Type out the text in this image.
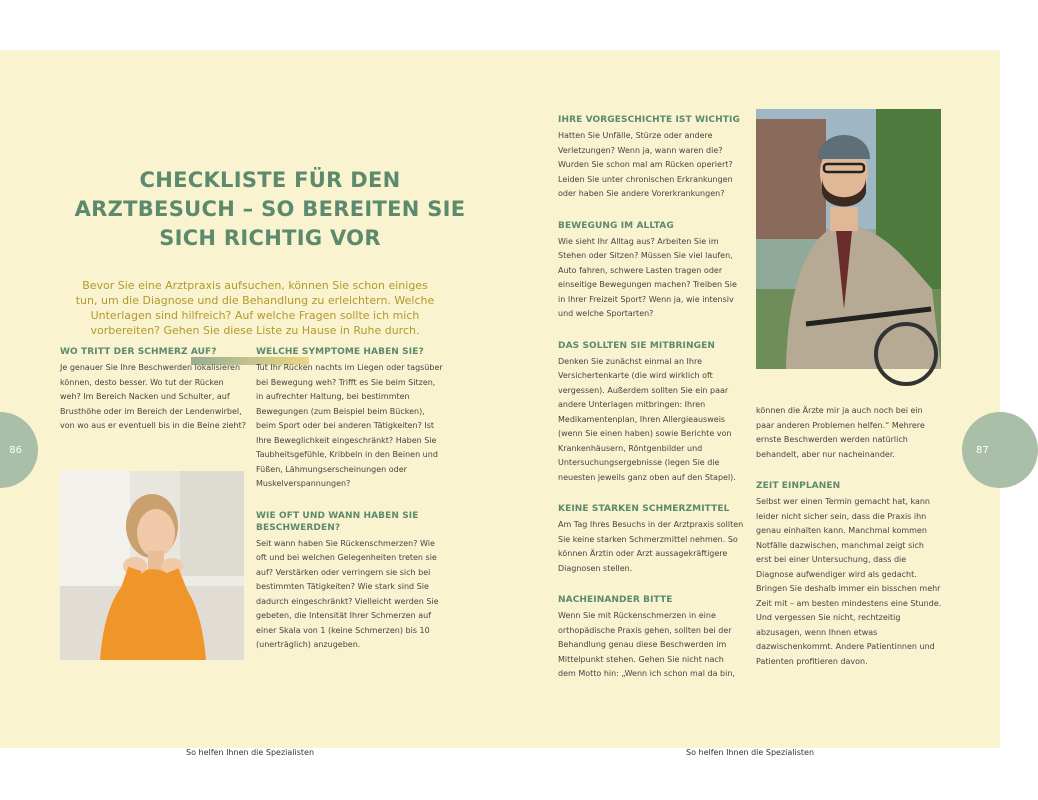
86	87
CHECKLISTE FÜR DEN ARZTBESUCH – SO BEREITEN SIE SICH RICHTIG VOR

Bevor Sie eine Arztpraxis aufsuchen, können Sie schon einiges tun, um die Diagnose und die Behandlung zu erleichtern. Welche Unterlagen sind hilfreich? Auf welche Fragen sollte ich mich vorbereiten? Gehen Sie diese Liste zu Hause in Ruhe durch.

WO TRITT DER SCHMERZ AUF?

Je genauer Sie Ihre Beschwerden lokalisieren können, desto besser. Wo tut der Rücken weh? Im Bereich Nacken und Schulter, auf Brusthöhe oder im Bereich der Lendenwirbel, von wo aus er eventuell bis in die Beine zieht?

WELCHE SYMPTOME HABEN SIE?

Tut Ihr Rücken nachts im Liegen oder tagsüber bei Bewegung weh? Trifft es Sie beim Sitzen, in aufrechter Haltung, bei bestimmten Bewegungen (zum Beispiel beim Bücken), beim Sport oder bei anderen Tätigkeiten? Ist Ihre Beweglichkeit eingeschränkt? Haben Sie Taubheitsgefühle, Kribbeln in den Beinen und Füßen, Lähmungserscheinungen oder Muskelverspannungen?

WIE OFT UND WANN HABEN SIE BESCHWERDEN?

Seit wann haben Sie Rückenschmerzen? Wie oft und bei welchen Gelegenheiten treten sie auf? Verstärken oder verringern sie sich bei bestimmten Tätigkeiten? Wie stark sind Sie dadurch eingeschränkt? Vielleicht werden Sie gebeten, die Intensität Ihrer Schmerzen auf einer Skala von 1 (keine Schmerzen) bis 10 (unerträglich) anzugeben.

So helfen Ihnen die Spezialisten
IHRE VORGESCHICHTE IST WICHTIG

Hatten Sie Unfälle, Stürze oder andere Verletzungen? Wenn ja, wann waren die? Wurden Sie schon mal am Rücken operiert? Leiden Sie unter chronischen Erkrankungen oder haben Sie andere Vorerkrankungen?

BEWEGUNG IM ALLTAG

Wie sieht Ihr Alltag aus? Arbeiten Sie im Stehen oder Sitzen? Müssen Sie viel laufen, Auto fahren, schwere Lasten tragen oder einseitige Bewegungen machen? Treiben Sie in Ihrer Freizeit Sport? Wenn ja, wie intensiv und welche Sportarten?

DAS SOLLTEN SIE MITBRINGEN

Denken Sie zunächst einmal an Ihre Versichertenkarte (die wird wirklich oft vergessen). Außerdem sollten Sie ein paar andere Unterlagen mitbringen: Ihren Medikamentenplan, Ihren Allergieausweis (wenn Sie einen haben) sowie Berichte von Krankenhäusern, Röntgenbilder und Untersuchungsergebnisse (legen Sie die neuesten jeweils ganz oben auf den Stapel).

KEINE STARKEN SCHMERZMITTEL

Am Tag Ihres Besuchs in der Arztpraxis sollten Sie keine starken Schmerzmittel nehmen. So können Ärztin oder Arzt aussagekräftigere Diagnosen stellen.

NACHEINANDER BITTE

Wenn Sie mit Rückenschmerzen in eine orthopädische Praxis gehen, sollten bei der Behandlung genau diese Beschwerden im Mittelpunkt stehen. Gehen Sie nicht nach dem Motto hin: „Wenn ich schon mal da bin,

können die Ärzte mir ja auch noch bei ein paar anderen Problemen helfen.“ Mehrere ernste Beschwerden werden natürlich behandelt, aber nur nacheinander.

ZEIT EINPLANEN

Selbst wer einen Termin gemacht hat, kann leider nicht sicher sein, dass die Praxis ihn genau einhalten kann. Manchmal kommen Notfälle dazwischen, manchmal zeigt sich erst bei einer Untersuchung, dass die Diagnose aufwendiger wird als gedacht. Bringen Sie deshalb immer ein bisschen mehr Zeit mit – am besten mindestens eine Stunde. Und vergessen Sie nicht, rechtzeitig abzusagen, wenn Ihnen etwas dazwischenkommt. Andere Patientinnen und Patienten profitieren davon.

So helfen Ihnen die Spezialisten
